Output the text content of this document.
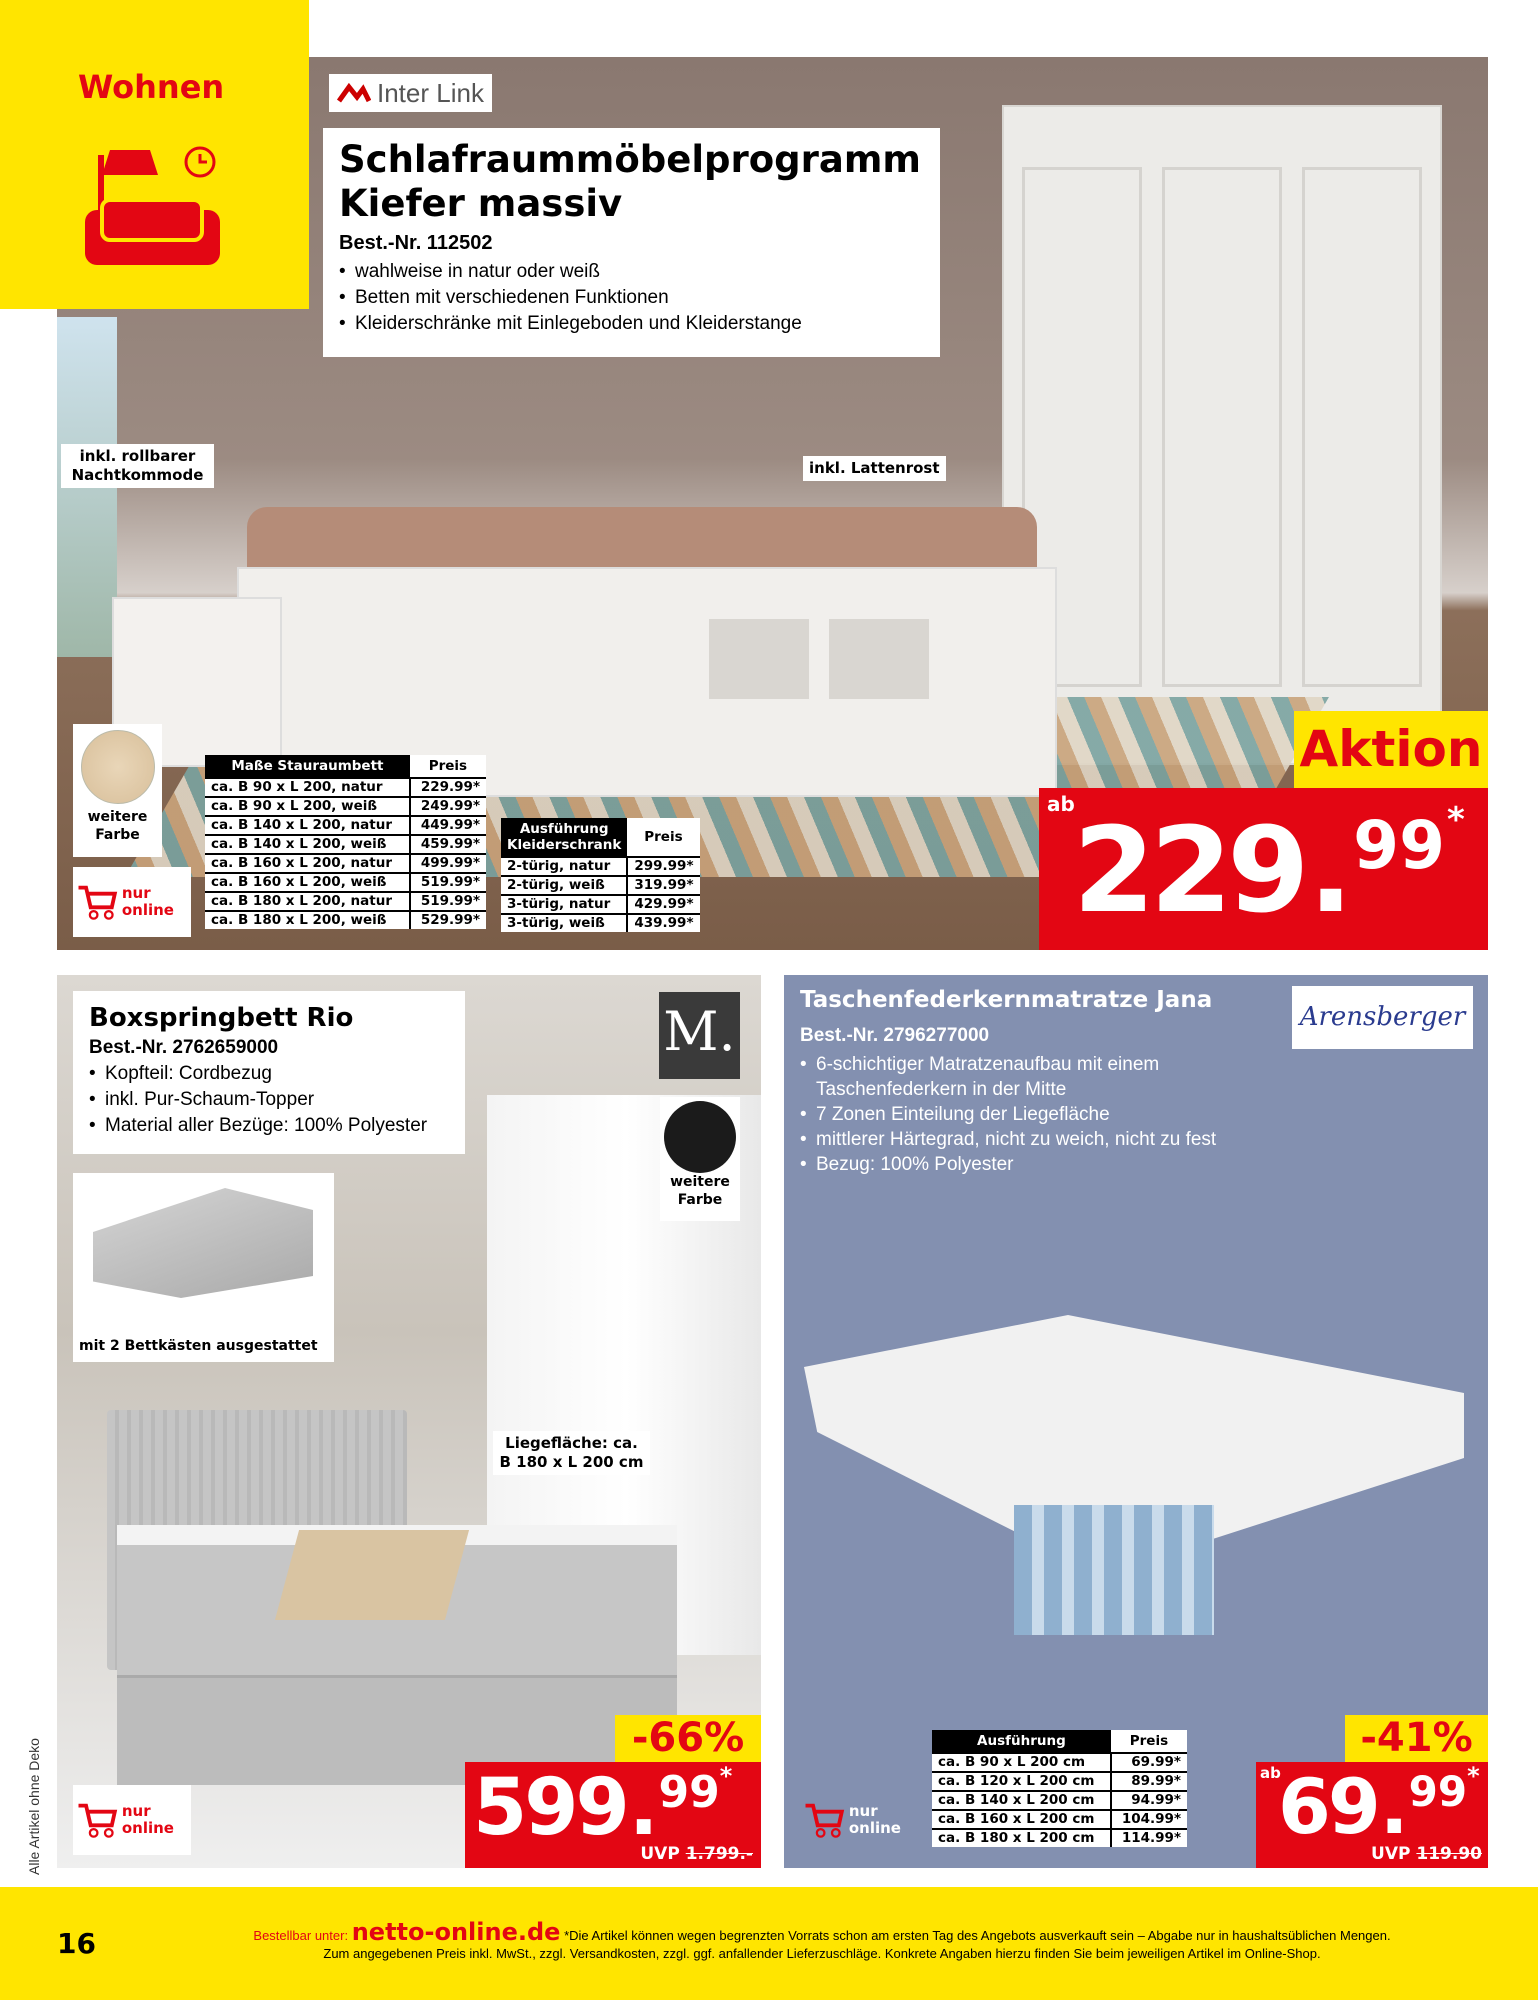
Wohnen	Inter Link
Schlafraummöbelprogramm
Kiefer massiv
Best.-Nr. 112502
• wahlweise in natur oder weiß
• Betten mit verschiedenen Funktionen
• Kleiderschränke mit Einlegeboden und Kleiderstange
inkl. rollbarer Nachtkommode	inkl. Lattenrost
weitere Farbe
nur online
Maße Stauraumbett	Preis
ca. B 90 x L 200, natur	229.99*
ca. B 90 x L 200, weiß	249.99*
ca. B 140 x L 200, natur	449.99*
ca. B 140 x L 200, weiß	459.99*
ca. B 160 x L 200, natur	499.99*
ca. B 160 x L 200, weiß	519.99*
ca. B 180 x L 200, natur	519.99*
ca. B 180 x L 200, weiß	529.99*
Ausführung Kleiderschrank	Preis
2-türig, natur	299.99*
2-türig, weiß	319.99*
3-türig, natur	429.99*
3-türig, weiß	439.99*
Aktion
ab
229 . 99 *
Boxspringbett Rio
Best.-Nr. 2762659000
• Kopfteil: Cordbezug
• inkl. Pur-Schaum-Topper
• Material aller Bezüge: 100% Polyester
M.
weitere Farbe
mit 2 Bettkästen ausgestattet
Liegefläche: ca. B 180 x L 200 cm
-66%
599 . 99 *
UVP 1.799.-
nur online
Taschenfederkernmatratze Jana
Best.-Nr. 2796277000
• 6-schichtiger Matratzenaufbau mit einem Taschenfederkern in der Mitte
• 7 Zonen Einteilung der Liegefläche
• mittlerer Härtegrad, nicht zu weich, nicht zu fest
• Bezug: 100% Polyester
Arensberger
Ausführung	Preis
ca. B 90 x L 200 cm	69.99*
ca. B 120 x L 200 cm	89.99*
ca. B 140 x L 200 cm	94.99*
ca. B 160 x L 200 cm	104.99*
ca. B 180 x L 200 cm	114.99*
nur online
-41%
ab
69 . 99 *
UVP 119.90
Alle Artikel ohne Deko
16	Bestellbar unter: netto-online.de *Die Artikel können wegen begrenzten Vorrats schon am ersten Tag des Angebots ausverkauft sein – Abgabe nur in haushaltsüblichen Mengen.
Zum angegebenen Preis inkl. MwSt., zzgl. Versandkosten, zzgl. ggf. anfallender Lieferzuschläge. Konkrete Angaben hierzu finden Sie beim jeweiligen Artikel im Online-Shop.
